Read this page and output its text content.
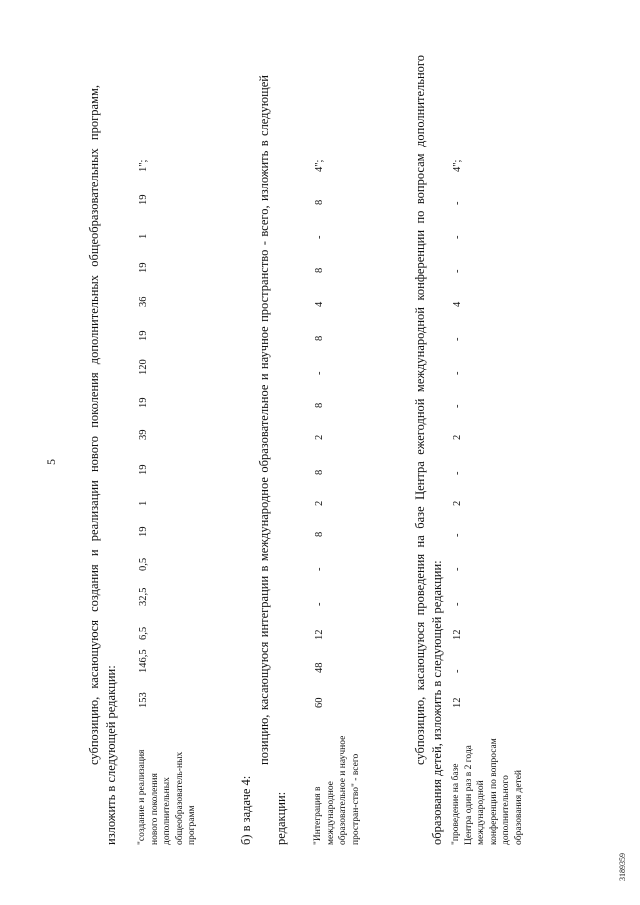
5 субпозицию, касающуюся создания и реализации нового поколения дополнительных общеобразовательных программ, изложить в следующей редакции: "создание и реализация нового поколения дополнительных общеобразователь-ных программ
153
146,5
6,5
32,5
0,5
19
1
19
39
19
120
19
36
19
1
19
1";
б) в задаче 4:
позицию, касающуюся интеграции в международное образовательное и научное пространство - всего, изложить в следующей редакции:	"Интеграция в международное образовательное и научное простран-ство" - всего
60
48
12
-
-
8
2
8
2
8
-
8
4
8
-
8
4";	субпозицию, касающуюся проведения на базе Центра ежегодной международной конференции по вопросам дополнительного образования детей, изложить в следующей редакции: "проведение на базе Центра один раз в 2 года международной конференции по вопросам дополнительного образования детей
12
-
12
-
-
-
2
-
2
-
-
-
4
-
-
-
4";
3189359
